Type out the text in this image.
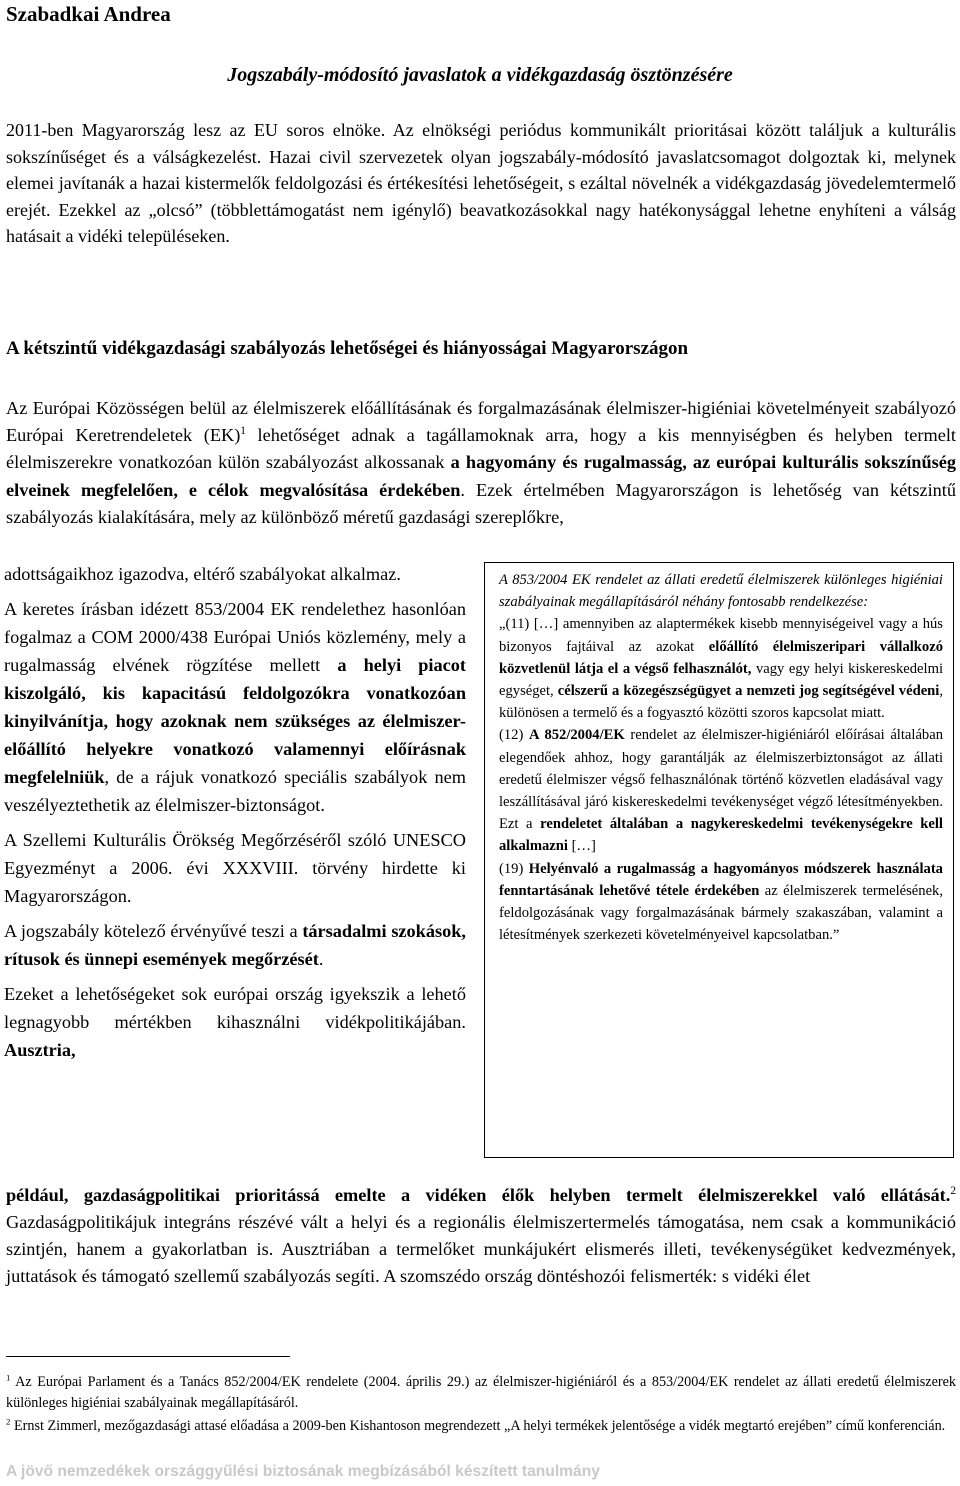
Szabadkai Andrea
Jogszabály-módosító javaslatok a vidékgazdaság ösztönzésére

2011-ben Magyarország lesz az EU soros elnöke. Az elnökségi periódus kommunikált prioritásai között találjuk a kulturális sokszínűséget és a válságkezelést. Hazai civil szervezetek olyan jogszabály-módosító javaslatcsomagot dolgoztak ki, melynek elemei javítanák a hazai kistermelők feldolgozási és értékesítési lehetőségeit, s ezáltal növelnék a vidékgazdaság jövedelemtermelő erejét. Ezekkel az „olcsó” (többlettámogatást nem igénylő) beavatkozásokkal nagy hatékonysággal lehetne enyhíteni a válság hatásait a vidéki településeken.

A kétszintű vidékgazdasági szabályozás lehetőségei és hiányosságai Magyarországon

Az Európai Közösségen belül az élelmiszerek előállításának és forgalmazásának élelmiszer-higiéniai követelményeit szabályozó Európai Keretrendeletek (EK)$^1$ lehetőséget adnak a tagállamoknak arra, hogy a kis mennyiségben és helyben termelt élelmiszerekre vonatkozóan külön szabályozást alkossanak a hagyomány és rugalmasság, az európai kulturális sokszínűség elveinek megfelelően, e célok megvalósítása érdekében. Ezek értelmében Magyarországon is lehetőség van kétszintű szabályozás kialakítására, mely az különböző méretű gazdasági szereplőkre,

adottságaikhoz igazodva, eltérő szabályokat alkalmaz.

A keretes írásban idézett 853/2004 EK rendelethez hasonlóan fogalmaz a COM 2000/438 Európai Uniós közlemény, mely a rugalmasság elvének rögzítése mellett a helyi piacot kiszolgáló, kis kapacitású feldolgozókra vonatkozóan kinyilvánítja, hogy azoknak nem szükséges az élelmiszer-előállító helyekre vonatkozó valamennyi előírásnak megfelelniük, de a rájuk vonatkozó speciális szabályok nem veszélyeztethetik az élelmiszer-biztonságot.

A Szellemi Kulturális Örökség Megőrzéséről szóló UNESCO Egyezményt a 2006. évi XXXVIII. törvény hirdette ki Magyarországon.

A jogszabály kötelező érvényűvé teszi a társadalmi szokások, rítusok és ünnepi események megőrzését.

Ezeket a lehetőségeket sok európai ország igyekszik a lehető legnagyobb mértékben kihasználni vidékpolitikájában. Ausztria,

A 853/2004 EK rendelet az állati eredetű élelmiszerek különleges higiéniai szabályainak megállapításáról néhány fontosabb rendelkezése:

„(11) […] amennyiben az alaptermékek kisebb mennyiségeivel vagy a hús bizonyos fajtáival az azokat előállító élelmiszeripari vállalkozó közvetlenül látja el a végső felhasználót, vagy egy helyi kiskereskedelmi egységet, célszerű a közegészségügyet a nemzeti jog segítségével védeni, különösen a termelő és a fogyasztó közötti szoros kapcsolat miatt.

(12) A 852/2004/EK rendelet az élelmiszer-higiéniáról előírásai általában elegendőek ahhoz, hogy garantálják az élelmiszerbiztonságot az állati eredetű élelmiszer végső felhasználónak történő közvetlen eladásával vagy leszállításával járó kiskereskedelmi tevékenységet végző létesítményekben. Ezt a rendeletet általában a nagykereskedelmi tevékenységekre kell alkalmazni […]

(19) Helyénvaló a rugalmasság a hagyományos módszerek használata fenntartásának lehetővé tétele érdekében az élelmiszerek termelésének, feldolgozásának vagy forgalmazásának bármely szakaszában, valamint a létesítmények szerkezeti követelményeivel kapcsolatban.”

például, gazdaságpolitikai prioritássá emelte a vidéken élők helyben termelt élelmiszerekkel való ellátását.$^2$ Gazdaságpolitikájuk integráns részévé vált a helyi és a regionális élelmiszertermelés támogatása, nem csak a kommunikáció szintjén, hanem a gyakorlatban is. Ausztriában a termelőket munkájukért elismerés illeti, tevékenységüket kedvezmények, juttatások és támogató szellemű szabályozás segíti. A szomszédo ország döntéshozói felismerték: s vidéki élet

$^1$ Az Európai Parlament és a Tanács 852/2004/EK rendelete (2004. április 29.) az élelmiszer-higiéniáról és a 853/2004/EK rendelet az állati eredetű élelmiszerek különleges higiéniai szabályainak megállapításáról.
$^2$ Ernst Zimmerl, mezőgazdasági attasé előadása a 2009-ben Kishantoson megrendezett „A helyi termékek jelentősége a vidék megtartó erejében” című konferencián.
A jövő nemzedékek országgyűlési biztosának megbízásából készített tanulmány
